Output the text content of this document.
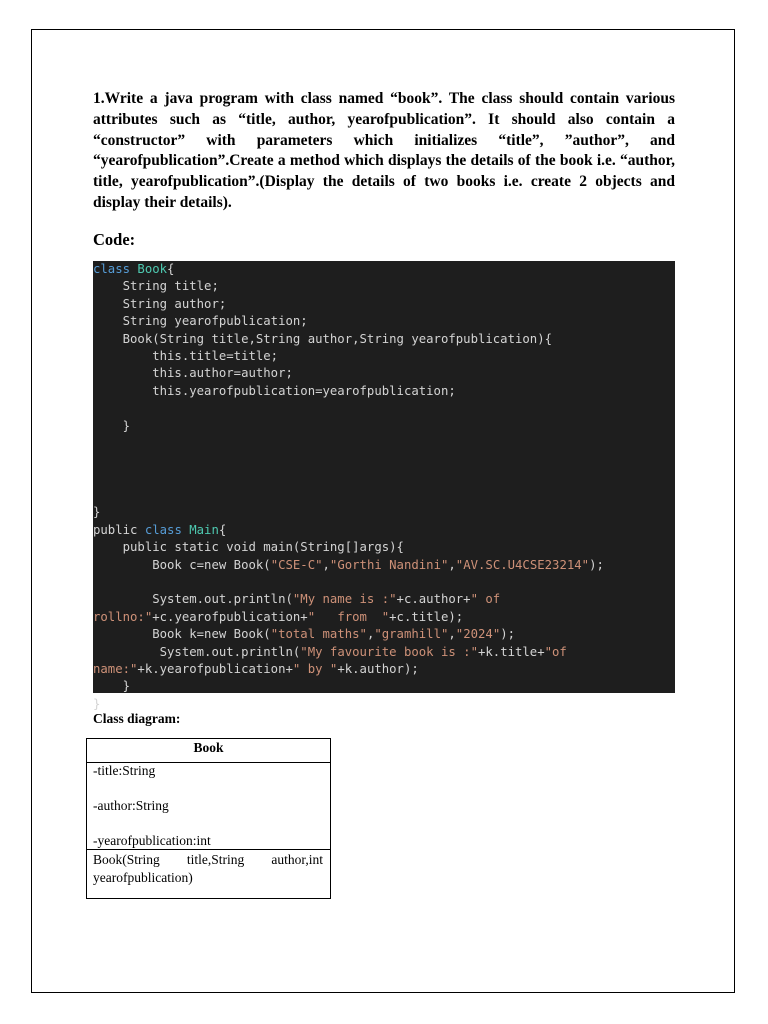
1.Write a java program with class named “book”. The class should contain various attributes such as “title, author, yearofpublication”. It should also contain a “constructor” with parameters which initializes “title”, ”author”, and “yearofpublication”.Create a method which displays the details of the book i.e. “author, title, yearofpublication”.(Display the details of two books i.e. create 2 objects and display their details).

Code:
class Book{
String title;
String author;
String yearofpublication;
Book(String title,String author,String yearofpublication){
this.title=title;
this.author=author;
this.yearofpublication=yearofpublication;
}
}
public class Main{
public static void main(String[]args){
Book c=new Book("CSE-C","Gorthi Nandini","AV.SC.U4CSE23214");
System.out.println("My name is :"+c.author+" of
rollno:"+c.yearofpublication+"   from  "+c.title);
Book k=new Book("total maths","gramhill","2024");
System.out.println("My favourite book is :"+k.title+"of
name:"+k.yearofpublication+" by "+k.author);
}
}
Class diagram:
Book
-title:String
-author:String
-yearofpublication:int
Book(String title,String author,int yearofpublication)
